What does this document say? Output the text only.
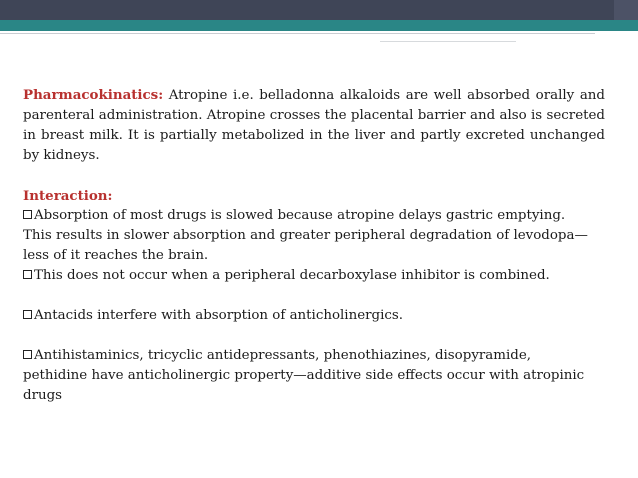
Pharmacokinatics: Atropine i.e. belladonna alkaloids are well absorbed orally and parenteral administration. Atropine crosses the placental barrier and also is secreted in breast milk. It is partially metabolized in the liver and partly excreted unchanged by kidneys.

Interaction:

Absorption of most drugs is slowed because atropine delays gastric emptying.

This results in slower absorption and greater peripheral degradation of levodopa—

less of it reaches the brain.

This does not occur when a peripheral decarboxylase inhibitor is combined.

Antacids interfere with absorption of anticholinergics.

Antihistaminics, tricyclic antidepressants, phenothiazines, disopyramide,

pethidine have anticholinergic property—additive side effects occur with atropinic

drugs
